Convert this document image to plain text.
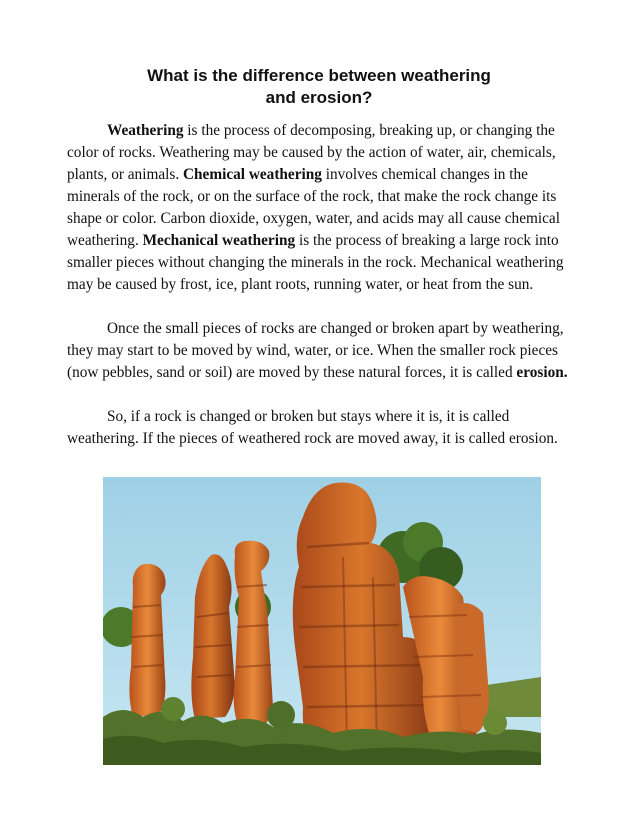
What is the difference between weathering
and erosion?

Weathering is the process of decomposing, breaking up, or changing the color of rocks. Weathering may be caused by the action of water, air, chemicals, plants, or animals. Chemical weathering involves chemical changes in the minerals of the rock, or on the surface of the rock, that make the rock change its shape or color. Carbon dioxide, oxygen, water, and acids may all cause chemical weathering. Mechanical weathering is the process of breaking a large rock into smaller pieces without changing the minerals in the rock. Mechanical weathering may be caused by frost, ice, plant roots, running water, or heat from the sun.

Once the small pieces of rocks are changed or broken apart by weathering, they may start to be moved by wind, water, or ice. When the smaller rock pieces (now pebbles, sand or soil) are moved by these natural forces, it is called erosion.

So, if a rock is changed or broken but stays where it is, it is called weathering. If the pieces of weathered rock are moved away, it is called erosion.
